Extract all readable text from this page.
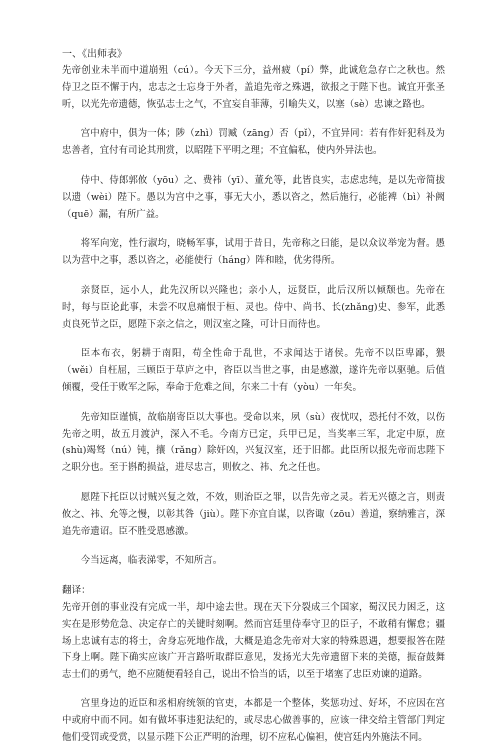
一、《出师表》

先帝创业未半而中道崩殂（cú）。今天下三分，益州疲（pí）弊，此诚危急存亡之秋也。然侍卫之臣不懈于内，忠志之士忘身于外者，盖追先帝之殊遇，欲报之于陛下也。诚宜开张圣听，以光先帝遗德，恢弘志士之气，不宜妄自菲薄，引喻失义，以塞（sè）忠谏之路也。

宫中府中，俱为一体；陟（zhì）罚臧（zāng）否（pǐ），不宜异同：若有作奸犯科及为忠善者，宜付有司论其刑赏，以昭陛下平明之理；不宜偏私，使内外异法也。

侍中、侍郎郭攸（yōu）之、费祎（yī）、董允等，此皆良实，志虑忠纯，是以先帝简拔以遗（wèi）陛下。愚以为宫中之事，事无大小，悉以咨之，然后施行，必能裨（bì）补阙（quē）漏，有所广益。

将军向宠，性行淑均，晓畅军事，试用于昔日，先帝称之曰能，是以众议举宠为督。愚以为营中之事，悉以咨之，必能使行（háng）阵和睦，优劣得所。

亲贤臣，远小人，此先汉所以兴隆也；亲小人，远贤臣，此后汉所以倾颓也。先帝在时，每与臣论此事，未尝不叹息痛恨于桓、灵也。侍中、尚书、长(zhǎng)史、参军，此悉贞良死节之臣，愿陛下亲之信之，则汉室之隆，可计日而待也。

臣本布衣，躬耕于南阳，苟全性命于乱世，不求闻达于诸侯。先帝不以臣卑鄙，猥（wěi）自枉屈，三顾臣于草庐之中，咨臣以当世之事，由是感激，遂许先帝以驱驰。后值倾覆，受任于败军之际，奉命于危难之间，尔来二十有（yòu）一年矣。

先帝知臣谨慎，故临崩寄臣以大事也。受命以来，夙（sù）夜忧叹，恐托付不效，以伤先帝之明，故五月渡泸，深入不毛。今南方已定，兵甲已足，当奖率三军，北定中原，庶(shù)竭驽（nú）钝，攘（rǎng）除奸凶，兴复汉室，还于旧都。此臣所以报先帝而忠陛下之职分也。至于斟酌损益，进尽忠言，则攸之、祎、允之任也。

愿陛下托臣以讨贼兴复之效，不效，则治臣之罪，以告先帝之灵。若无兴德之言，则责攸之、祎、允等之慢，以彰其咎（jiù）。陛下亦宜自谋，以咨诹（zōu）善道，察纳雅言，深追先帝遗诏。臣不胜受恩感激。

今当远离，临表涕零，不知所言。

翻译：

先帝开创的事业没有完成一半，却中途去世。现在天下分裂成三个国家，蜀汉民力困乏，这实在是形势危急、决定存亡的关键时刻啊。然而宫廷里侍奉守卫的臣子，不敢稍有懈怠；疆场上忠诚有志的将士，舍身忘死地作战，大概是追念先帝对大家的特殊恩遇，想要报答在陛下身上啊。陛下确实应该广开言路听取群臣意见，发扬光大先帝遗留下来的美德，振奋鼓舞志士们的勇气，绝不应随便看轻自己，说出不恰当的话，以至于堵塞了忠臣劝谏的道路。

宫里身边的近臣和丞相府统领的官吏，本都是一个整体，奖惩功过、好坏，不应因在宫中或府中而不同。如有做坏事违犯法纪的，或尽忠心做善事的，应该一律交给主管部门判定他们受罚或受赏，以显示陛下公正严明的治理，切不应私心偏袒，使宫廷内外施法不同。
